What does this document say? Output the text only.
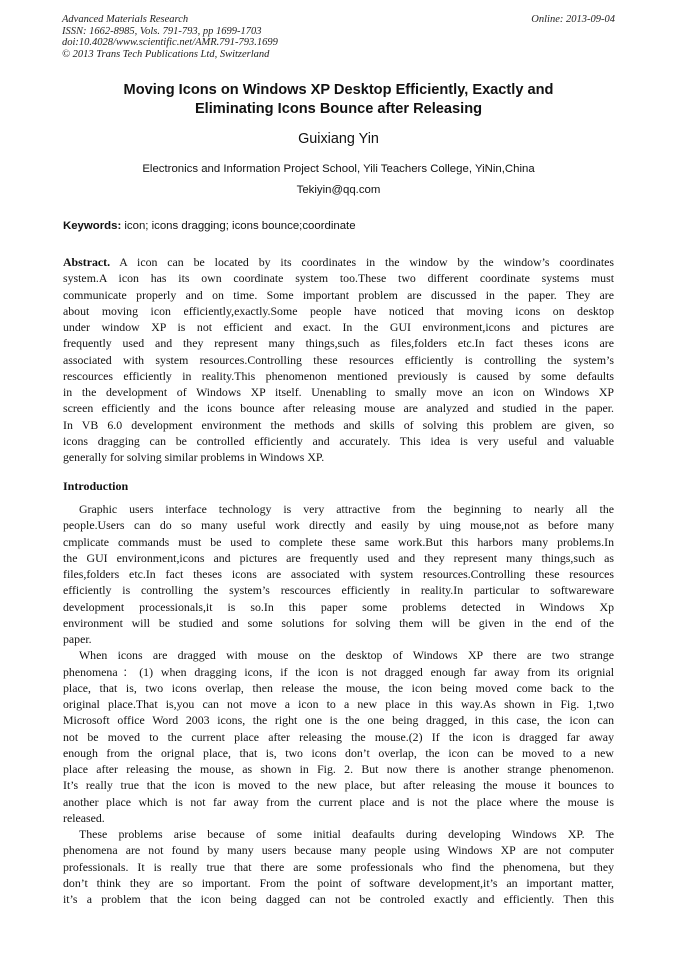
Advanced Materials Research
ISSN: 1662-8985, Vols. 791-793, pp 1699-1703
doi:10.4028/www.scientific.net/AMR.791-793.1699
© 2013 Trans Tech Publications Ltd, Switzerland
Online: 2013-09-04
Moving Icons on Windows XP Desktop Efficiently, Exactly and
Eliminating Icons Bounce after Releasing
Guixiang Yin
Electronics and Information Project School, Yili Teachers College, YiNin,China
Tekiyin@qq.com
Keywords: icon; icons dragging; icons bounce;coordinate
Abstract. A icon can be located by its coordinates in the window by the window’s coordinates
system.A icon has its own coordinate system too.These two different coordinate systems must
communicate properly and on time. Some important problem are discussed in the paper. They are
about moving icon efficiently,exactly.Some people have noticed that moving icons on desktop
under window XP is not efficient and exact. In the GUI environment,icons and pictures are
frequently used and they represent many things,such as files,folders etc.In fact theses icons are
associated with system resources.Controlling these resources efficiently is controlling the system’s
rescources efficiently in reality.This phenomenon mentioned previously is caused by some defaults
in the development of Windows XP itself. Unenabling to smally move an icon on Windows XP
screen efficiently and the icons bounce after releasing mouse are analyzed and studied in the paper.
In VB 6.0 development environment the methods and skills of solving this problem are given, so
icons dragging can be controlled efficiently and accurately. This idea is very useful and valuable
generally for solving similar problems in Windows XP.
Introduction
Graphic users interface technology is very attractive from the beginning to nearly all the
people.Users can do so many useful work directly and easily by uing mouse,not as before many
cmplicate commands must be used to complete these same work.But this harbors many problems.In
the GUI environment,icons and pictures are frequently used and they represent many things,such as
files,folders etc.In fact theses icons are associated with system resources.Controlling these resources
efficiently is controlling the system’s rescources efficiently in reality.In particular to softwareware
development processionals,it is so.In this paper some problems detected in Windows Xp
environment will be studied and some solutions for solving them will be given in the end of the
paper.
When icons are dragged with mouse on the desktop of Windows XP there are two strange
phenomena：(1) when dragging icons, if the icon is not dragged enough far away from its orignial
place, that is, two icons overlap, then release the mouse, the icon being moved come back to the
original place.That is,you can not move a icon to a new place in this way.As shown in Fig. 1,two
Microsoft office Word 2003 icons, the right one is the one being dragged, in this case, the icon can
not be moved to the current place after releasing the mouse.(2) If the icon is dragged far away
enough from the orignal place, that is, two icons don’t overlap, the icon can be moved to a new
place after releasing the mouse, as shown in Fig. 2. But now there is another strange phenomenon.
It’s really true that the icon is moved to the new place, but after releasing the mouse it bounces to
another place which is not far away from the current place and is not the place where the mouse is
released.
These problems arise because of some initial deafaults during developing Windows XP. The
phenomena are not found by many users because many people using Windows XP are not computer
professionals. It is really true that there are some professionals who find the phenomena, but they
don’t think they are so important. From the point of software development,it’s an important matter,
it’s a problem that the icon being dagged can not be controled exactly and efficiently. Then this
